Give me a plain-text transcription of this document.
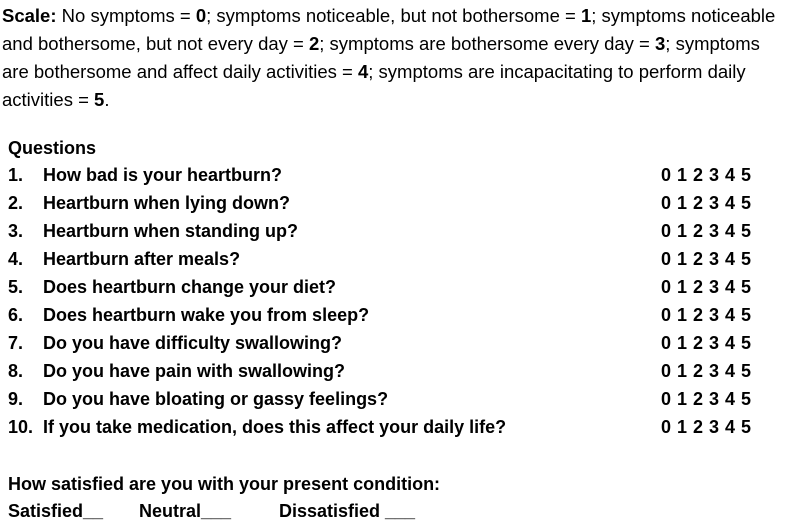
Scale: No symptoms = 0; symptoms noticeable, but not bothersome = 1; symptoms noticeable and bothersome, but not every day = 2; symptoms are bothersome every day = 3; symptoms are bothersome and affect daily activities = 4; symptoms are incapacitating to perform daily activities = 5.
Questions
1. How bad is your heartburn?	0 1 2 3 4 5
2. Heartburn when lying down?	0 1 2 3 4 5
3. Heartburn when standing up?	0 1 2 3 4 5
4. Heartburn after meals?	0 1 2 3 4 5
5. Does heartburn change your diet?	0 1 2 3 4 5
6. Does heartburn wake you from sleep?	0 1 2 3 4 5
7. Do you have difficulty swallowing?	0 1 2 3 4 5
8. Do you have pain with swallowing?	0 1 2 3 4 5
9. Do you have bloating or gassy feelings?	0 1 2 3 4 5
10. If you take medication, does this affect your daily life?	0 1 2 3 4 5
How satisfied are you with your present condition:
Satisfied__ Neutral___	Dissatisfied ___
